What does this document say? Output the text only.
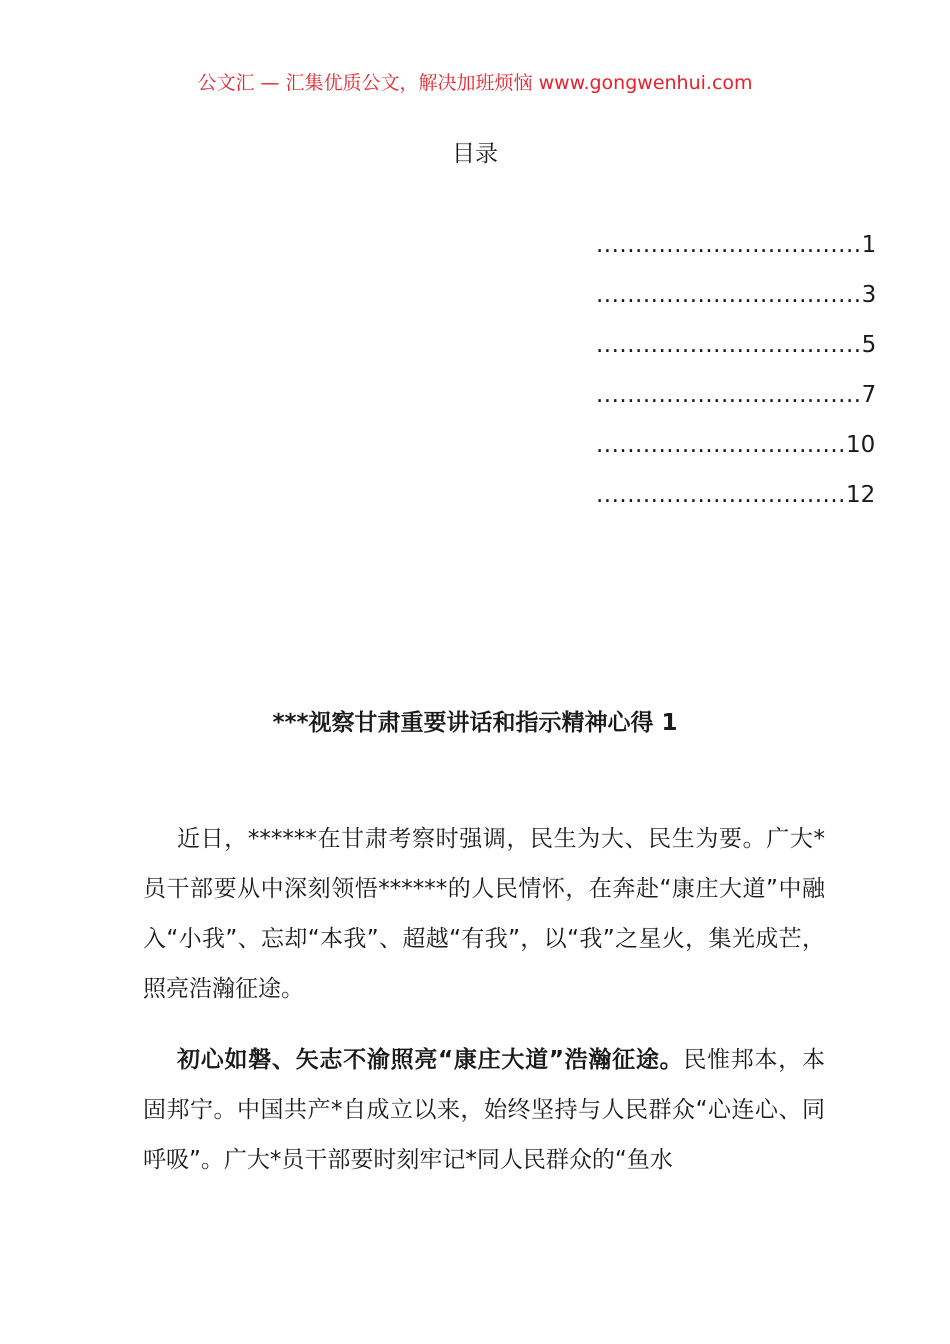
公文汇 — 汇集优质公文，解决加班烦恼 www.gongwenhui.com
目录
.................................. 1
.................................. 3
.................................. 5
.................................. 7
................................ 10
................................ 12
***视察甘肃重要讲话和指示精神心得 1

近日，******在甘肃考察时强调，民生为大、民生为要。广大*员干部要从中深刻领悟******的人民情怀，在奔赴“康庄大道”中融入“小我”、忘却“本我”、超越“有我”，以“我”之星火，集光成芒，照亮浩瀚征途。

初心如磐、矢志不渝照亮“康庄大道”浩瀚征途。民惟邦本，本固邦宁。中国共产*自成立以来，始终坚持与人民群众“心连心、同呼吸”。广大*员干部要时刻牢记*同人民群众的“鱼水
